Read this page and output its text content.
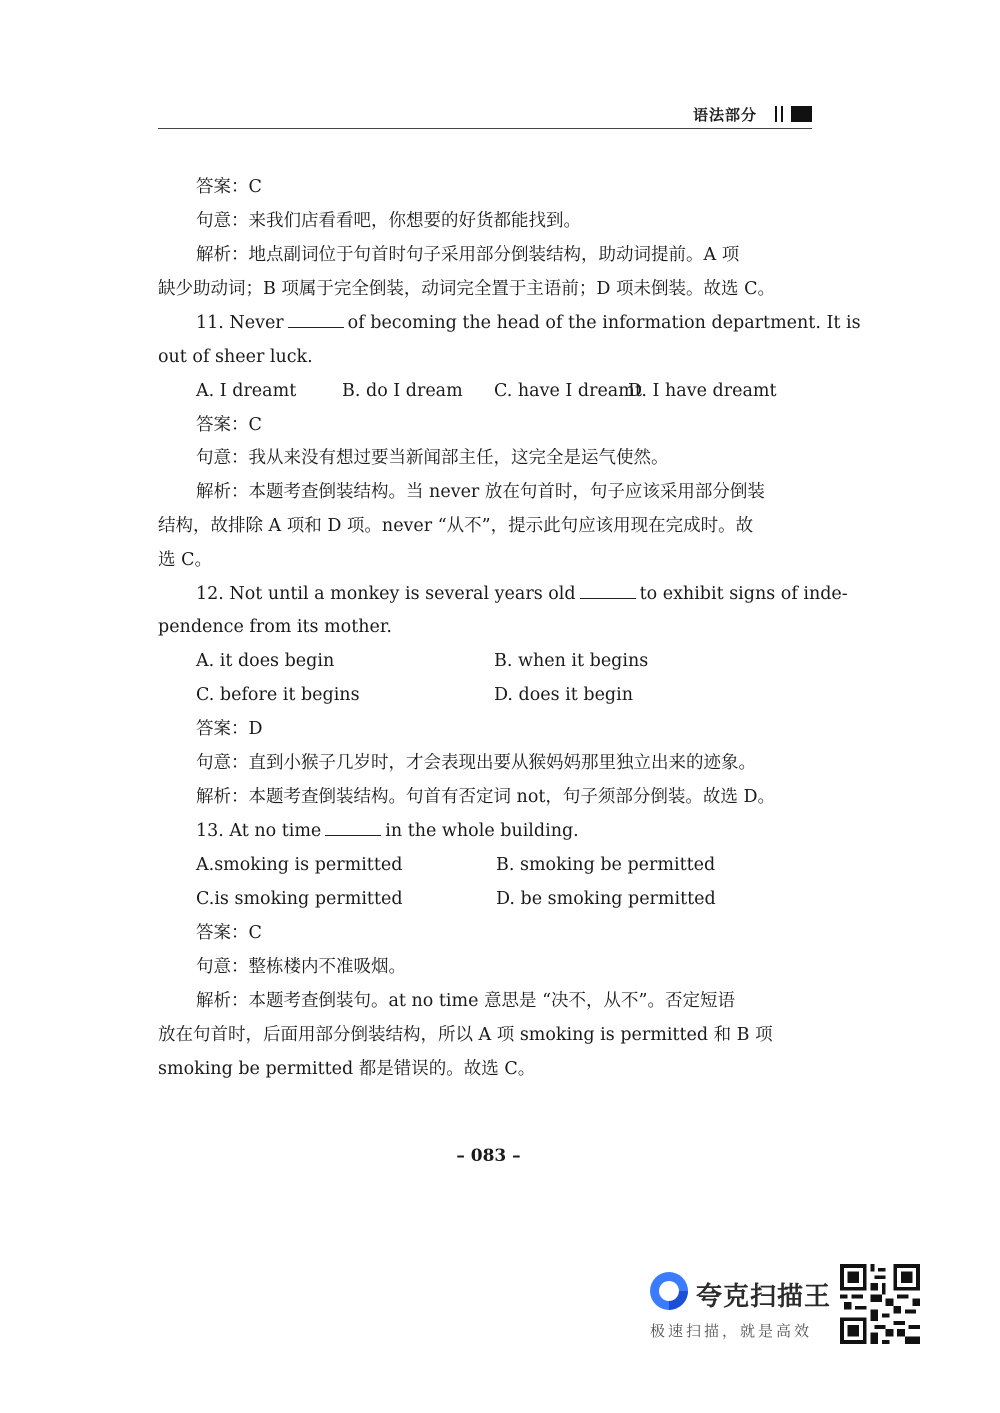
语法部分
答案：C
句意：来我们店看看吧，你想要的好货都能找到。
解析：地点副词位于句首时句子采用部分倒装结构，助动词提前。A 项
缺少助动词；B 项属于完全倒装，动词完全置于主语前；D 项未倒装。故选 C。
11. Never	of becoming the head of the information department. It is
out of sheer luck.
A. I dreamt	B. do I dream C. have I dreamt
D. I have dreamt
答案：C
句意：我从来没有想过要当新闻部主任，这完全是运气使然。
解析：本题考查倒装结构。当 never 放在句首时，句子应该采用部分倒装
结构，故排除 A 项和 D 项。never “从不”，提示此句应该用现在完成时。故
选 C。
12. Not until a monkey is several years old	to exhibit signs of inde-
pendence from its mother.
A. it does begin	B. when it begins
C. before it begins	D. does it begin
答案：D
句意：直到小猴子几岁时，才会表现出要从猴妈妈那里独立出来的迹象。
解析：本题考查倒装结构。句首有否定词 not，句子须部分倒装。故选 D。
13. At no time	in the whole building.
A.smoking is permitted	B. smoking be permitted
C.is smoking permitted	D. be smoking permitted
答案：C
句意：整栋楼内不准吸烟。
解析：本题考查倒装句。at no time 意思是 “决不，从不”。否定短语
放在句首时，后面用部分倒装结构，所以 A 项 smoking is permitted 和 B 项
smoking be permitted 都是错误的。故选 C。
– 083 –
夸克扫描王
极速扫描，就是高效
